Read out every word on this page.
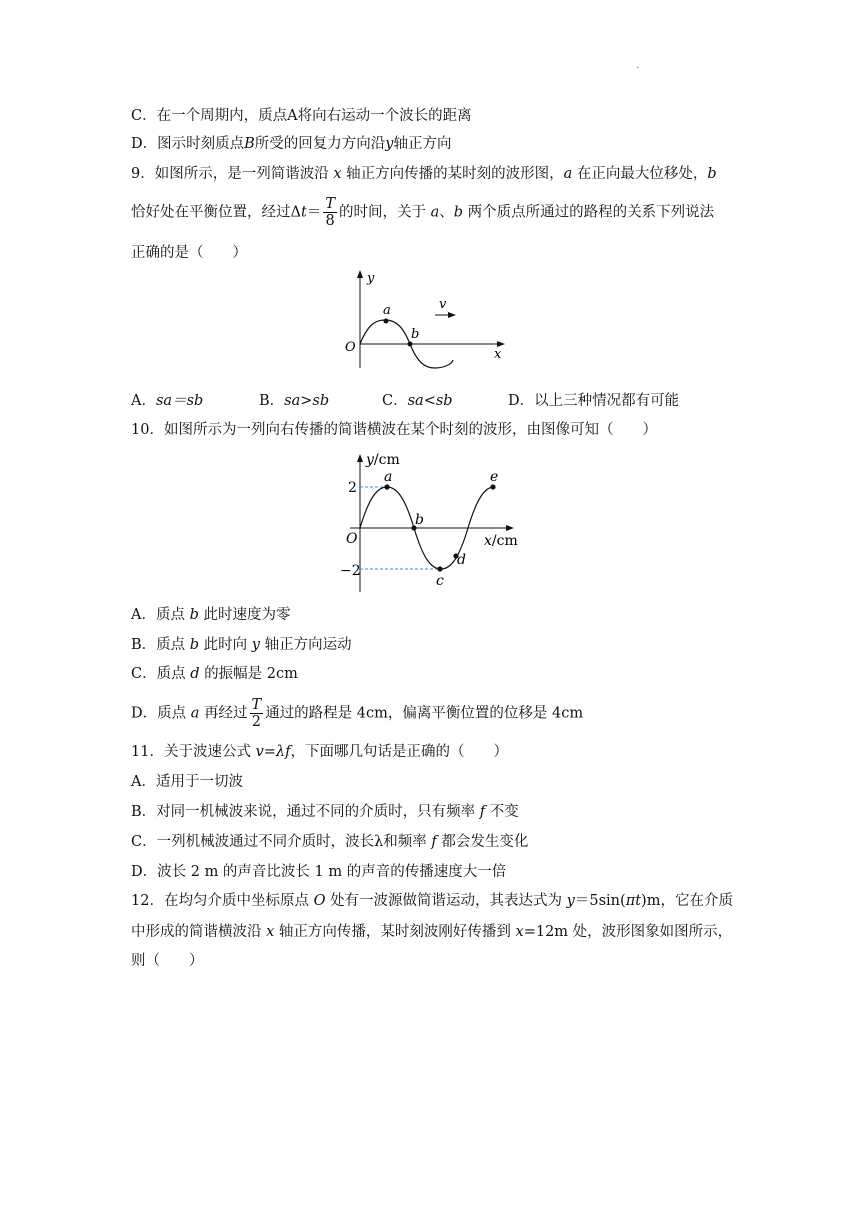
.
C．在一个周期内，质点A将向右运动一个波长的距离
D．图示时刻质点B所受的回复力方向沿y轴正方向
9．如图所示，是一列简谐波沿 x 轴正方向传播的某时刻的波形图，a 在正向最大位移处，b
恰好处在平衡位置，经过$\Delta t= \frac{T}{8}$ 的时间，关于 a、b 两个质点所通过的路程的关系下列说法
正确的是（　　）
y
a	v
O
b
x
A．sa＝sb	B．sa>sb	C．sa<sb	D．以上三种情况都有可能
10．如图所示为一列向右传播的简谐横波在某个时刻的波形，由图像可知（　　）
y/cm
2
−2
O
a
b
c
d
e
x/cm
A．质点 b 此时速度为零
B．质点 b 此时向 y 轴正方向运动
C．质点 d 的振幅是 2cm
D．质点 a 再经过 $\frac{T}{2}$ 通过的路程是 4cm，偏离平衡位置的位移是 4cm
11．关于波速公式 v=λf，下面哪几句话是正确的（　　）
A．适用于一切波
B．对同一机械波来说，通过不同的介质时，只有频率 f 不变
C．一列机械波通过不同介质时，波长λ和频率 f 都会发生变化
D．波长 2 m 的声音比波长 1 m 的声音的传播速度大一倍
12．在均匀介质中坐标原点 O 处有一波源做简谐运动，其表达式为 y＝5sin(πt)m，它在介质
中形成的简谐横波沿 x 轴正方向传播，某时刻波刚好传播到 x=12m 处，波形图象如图所示，
则（　　）
